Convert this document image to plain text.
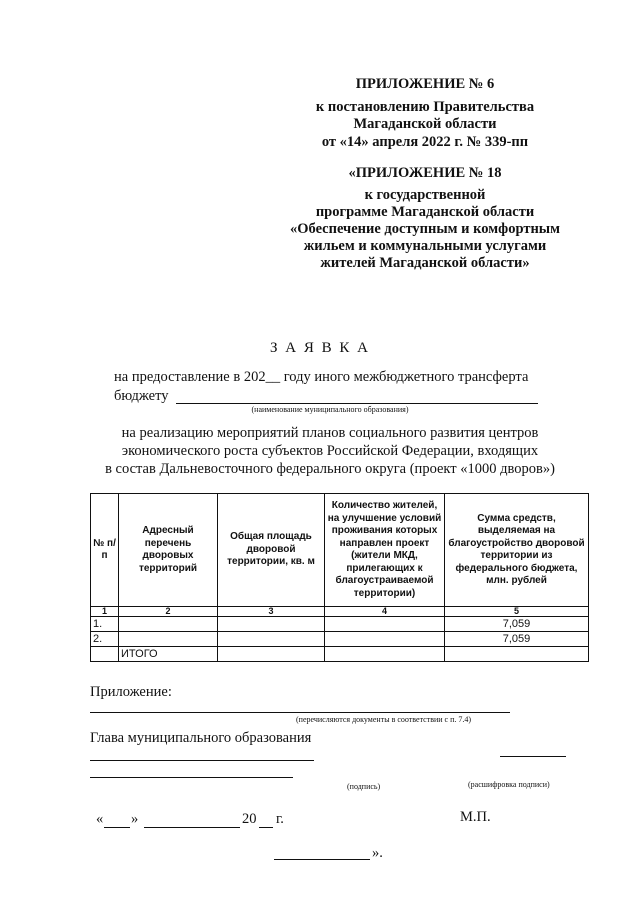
ПРИЛОЖЕНИЕ № 6
к постановлению Правительства
Магаданской области
от «14» апреля 2022 г. № 339-пп
«ПРИЛОЖЕНИЕ № 18
к государственной
программе Магаданской области
«Обеспечение доступным и комфортным
жильем и коммунальными услугами
жителей Магаданской области»
З А Я В К А
на предоставление в 202__ году иного межбюджетного трансферта
бюджету
(наименование муниципального образования)
на реализацию мероприятий планов социального развития центров
экономического роста субъектов Российской Федерации, входящих
в состав Дальневосточного федерального округа (проект «1000 дворов»)
№ п/п	Адресный перечень дворовых территорий	Общая площадь дворовой территории, кв. м	Количество жителей, на улучшение условий проживания которых направлен проект (жители МКД, прилегающих к благоустраиваемой территории)	Сумма средств, выделяемая на благоустройство дворовой территории из федерального бюджета, млн. рублей
1	2	3	4	5
1.				7,059
2.				7,059
	ИТОГО			
Приложение:
(перечисляются документы в соответствии с п. 7.4)
Глава муниципального образования
(подпись)	(расшифровка подписи)
« »	20 г.	М.П.
».
